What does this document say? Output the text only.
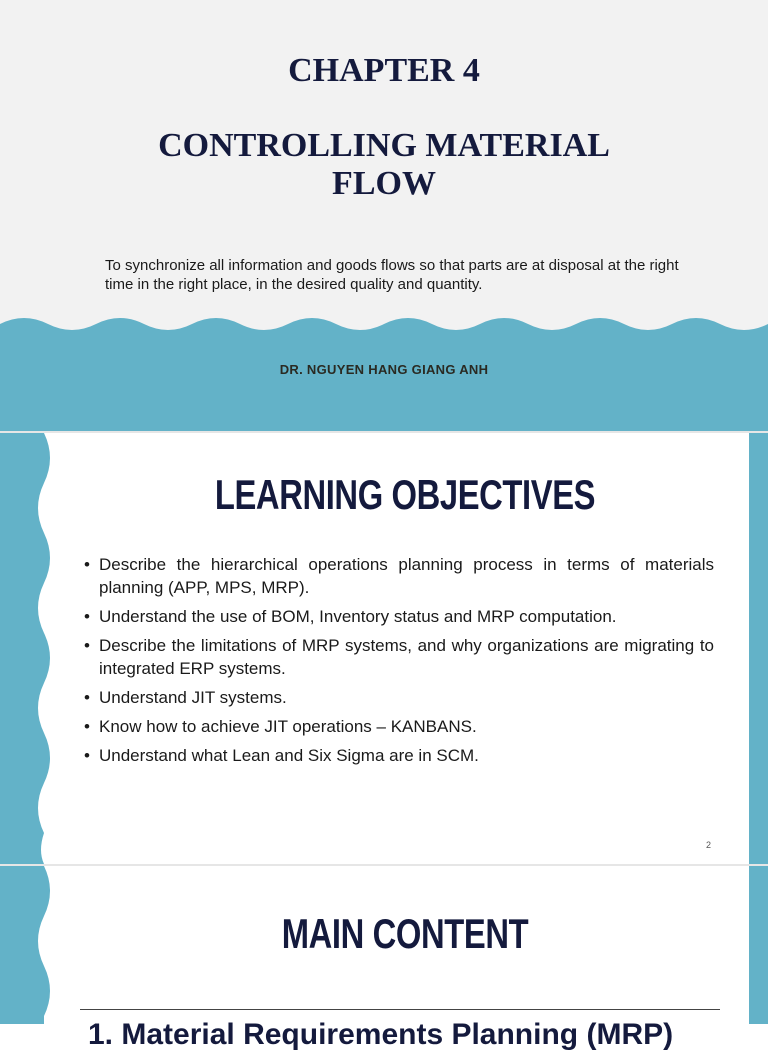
CHAPTER 4
CONTROLLING MATERIAL
FLOW

To synchronize all information and goods flows so that parts are at disposal at the right time in the right place, in the desired quality and quantity.

DR. NGUYEN HANG GIANG ANH
LEARNING OBJECTIVES
• Describe the hierarchical operations planning process in terms of materials planning (APP, MPS, MRP).
• Understand the use of BOM, Inventory status and MRP computation.
• Describe the limitations of MRP systems, and why organizations are migrating to integrated ERP systems.
• Understand JIT systems.
• Know how to achieve JIT operations – KANBANS.
• Understand what Lean and Six Sigma are in SCM.
2
MAIN CONTENT
1. Material Requirements Planning (MRP)
